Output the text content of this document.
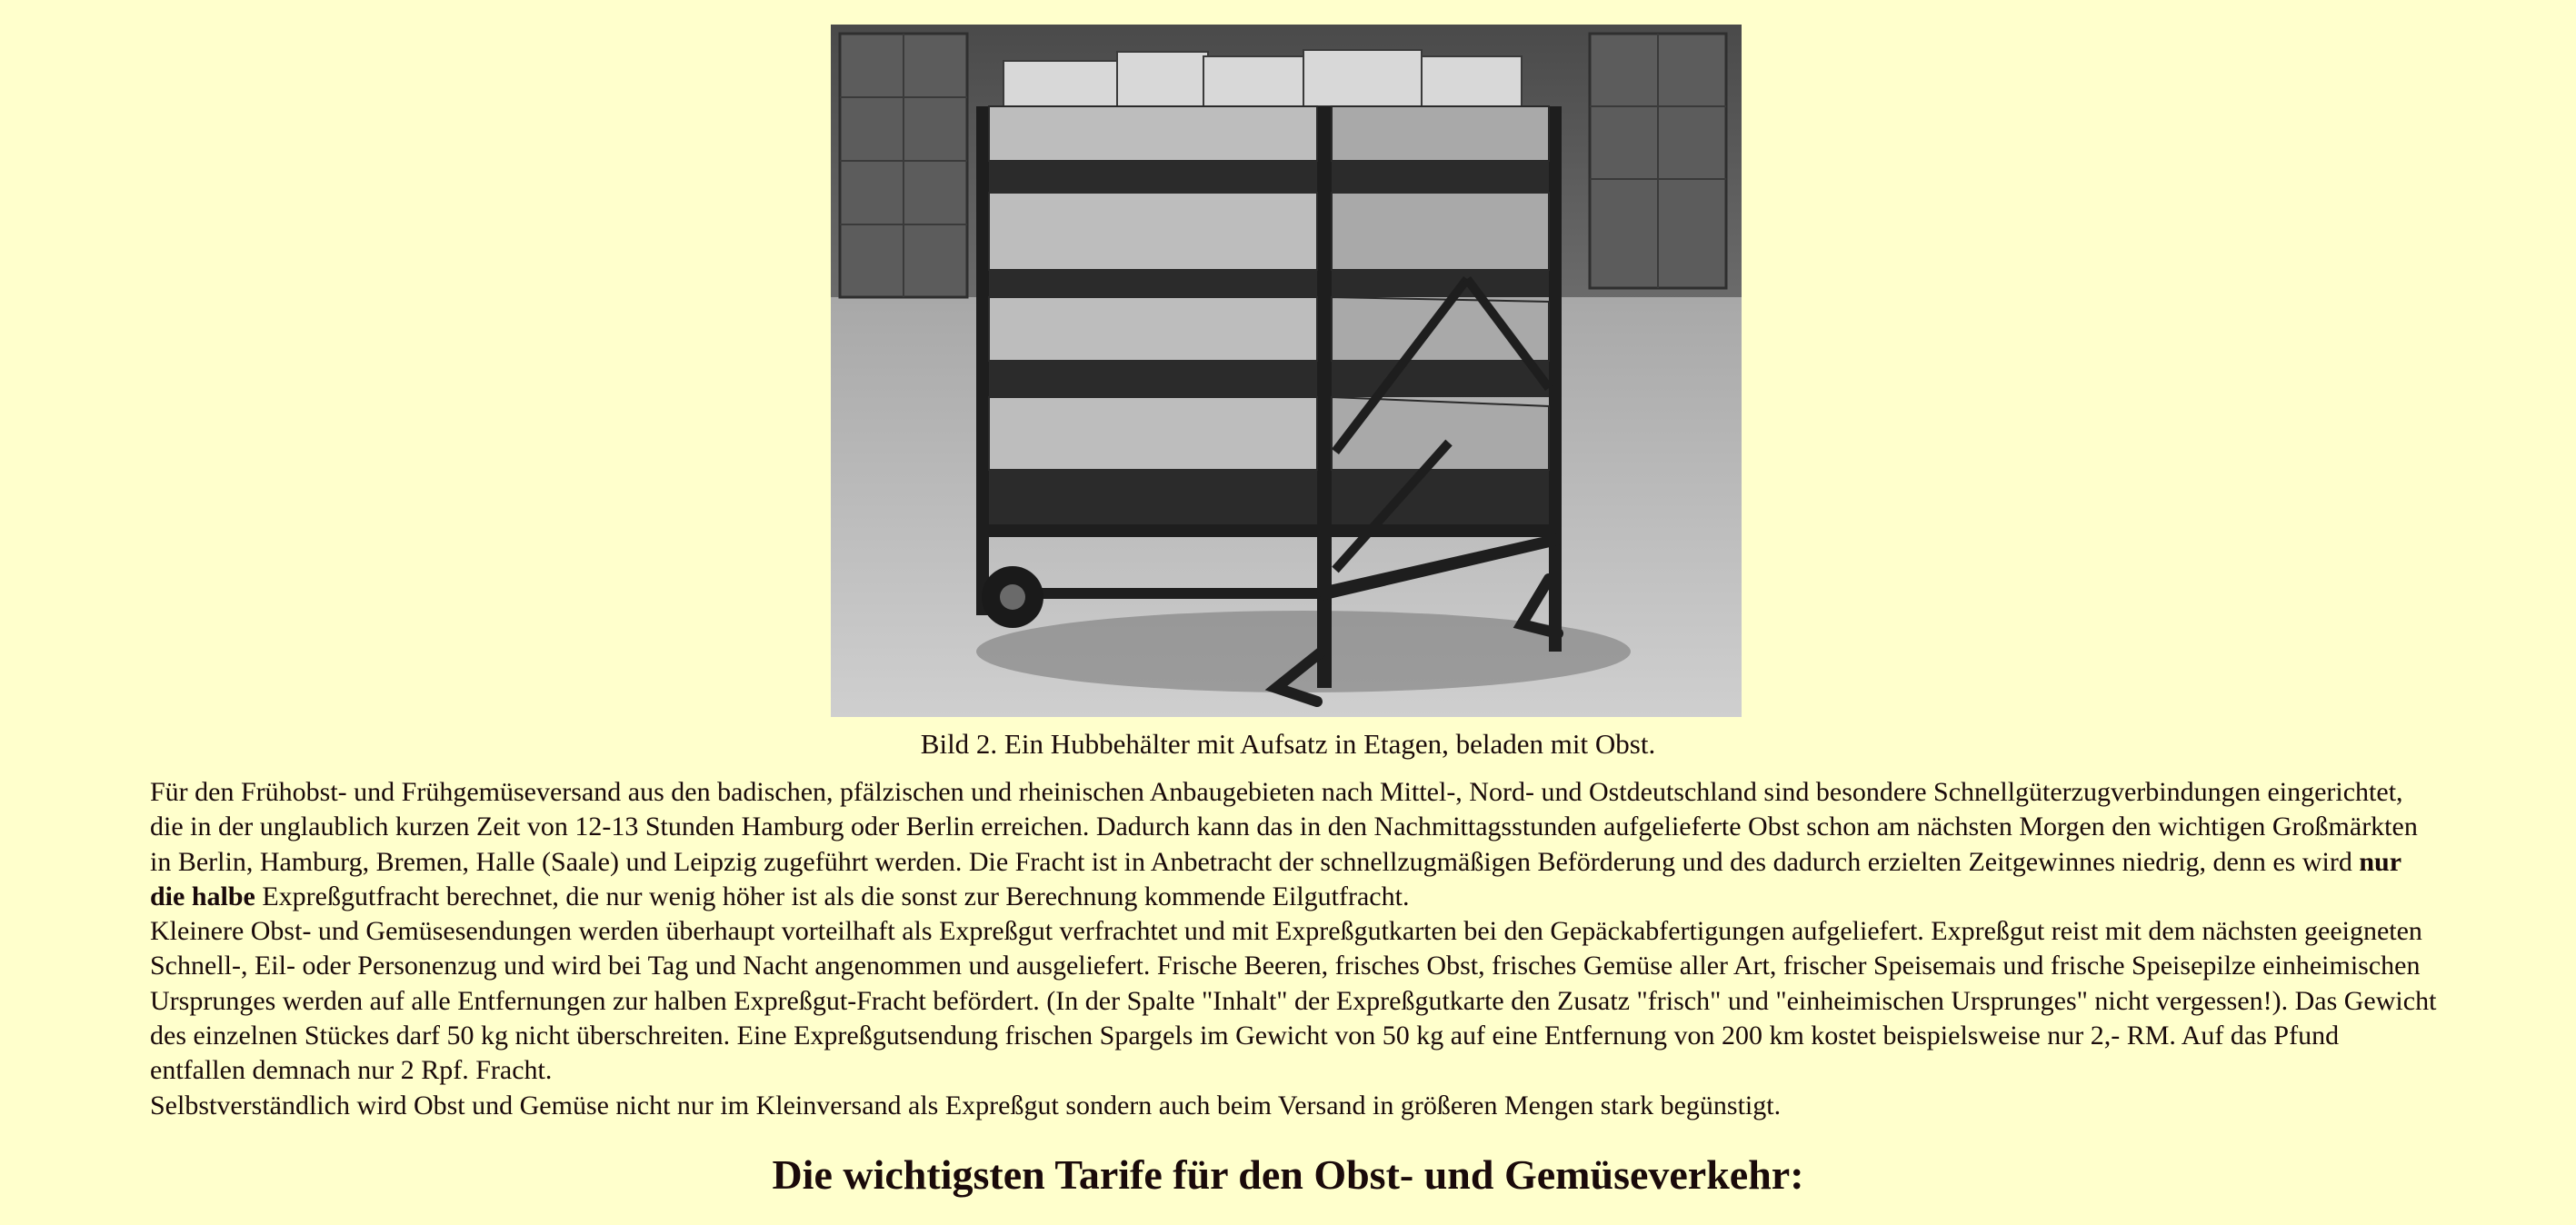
Bild 2. Ein Hubbehälter mit Aufsatz in Etagen, beladen mit Obst.

Für den Frühobst- und Frühgemüseversand aus den badischen, pfälzischen und rheinischen Anbaugebieten nach Mittel-, Nord- und Ostdeutschland sind besondere Schnellgüterzugverbindungen eingerichtet, die in der unglaublich kurzen Zeit von 12-13 Stunden Hamburg oder Berlin erreichen. Dadurch kann das in den Nachmittagsstunden aufgelieferte Obst schon am nächsten Morgen den wichtigen Großmärkten in Berlin, Hamburg, Bremen, Halle (Saale) und Leipzig zugeführt werden. Die Fracht ist in Anbetracht der schnellzugmäßigen Beförderung und des dadurch erzielten Zeitgewinnes niedrig, denn es wird nur die halbe Expreßgutfracht berechnet, die nur wenig höher ist als die sonst zur Berechnung kommende Eilgutfracht.

Kleinere Obst- und Gemüsesendungen werden überhaupt vorteilhaft als Expreßgut verfrachtet und mit Expreßgutkarten bei den Gepäckabfertigungen aufgeliefert. Expreßgut reist mit dem nächsten geeigneten Schnell-, Eil- oder Personenzug und wird bei Tag und Nacht angenommen und ausgeliefert. Frische Beeren, frisches Obst, frisches Gemüse aller Art, frischer Speisemais und frische Speisepilze einheimischen Ursprunges werden auf alle Entfernungen zur halben Expreßgut-Fracht befördert. (In der Spalte "Inhalt" der Expreßgutkarte den Zusatz "frisch" und "einheimischen Ursprunges" nicht vergessen!). Das Gewicht des einzelnen Stückes darf 50 kg nicht überschreiten. Eine Expreßgutsendung frischen Spargels im Gewicht von 50 kg auf eine Entfernung von 200 km kostet beispielsweise nur 2,- RM. Auf das Pfund entfallen demnach nur 2 Rpf. Fracht.

Selbstverständlich wird Obst und Gemüse nicht nur im Kleinversand als Expreßgut sondern auch beim Versand in größeren Mengen stark begünstigt.

Die wichtigsten Tarife für den Obst- und Gemüseverkehr:
